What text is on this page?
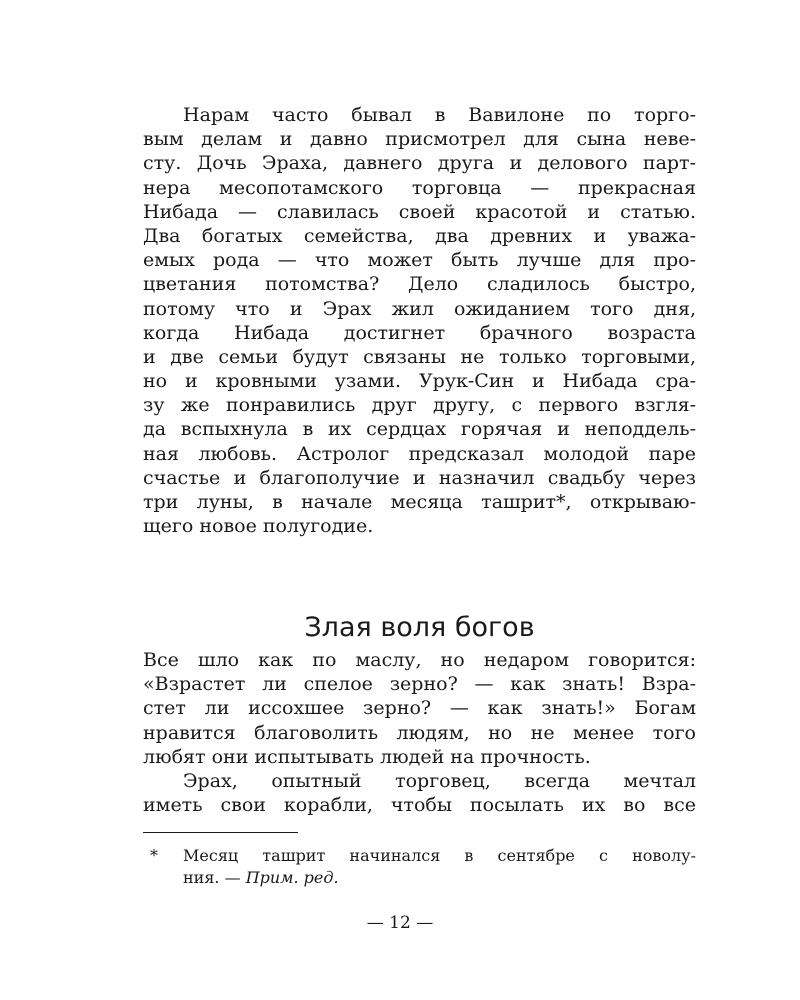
Нарам часто бывал в Вавилоне по торго-
вым делам и давно присмотрел для сына неве-
сту. Дочь Эраха, давнего друга и делового парт-
нера месопотамского торговца — прекрасная
Нибада — славилась своей красотой и статью.
Два богатых семейства, два древних и уважа-
емых рода — что может быть лучше для про-
цветания потомства? Дело сладилось быстро,
потому что и Эрах жил ожиданием того дня,
когда Нибада достигнет брачного возраста
и две семьи будут связаны не только торговыми,
но и кровными узами. Урук-Син и Нибада сра-
зу же понравились друг другу, с первого взгля-
да вспыхнула в их сердцах горячая и неподдель-
ная любовь. Астролог предсказал молодой паре
счастье и благополучие и назначил свадьбу через
три луны, в начале месяца ташрит*, открываю-
щего новое полугодие.
Злая воля богов
Все шло как по маслу, но недаром говорится:
«Взрастет ли спелое зерно? — как знать! Взра-
стет ли иссохшее зерно? — как знать!» Богам
нравится благоволить людям, но не менее того
любят они испытывать людей на прочность.
Эрах, опытный торговец, всегда мечтал
иметь свои корабли, чтобы посылать их во все
*	Месяц ташрит начинался в сентябре с новолу-
ния. — Прим. ред.
— 12 —
